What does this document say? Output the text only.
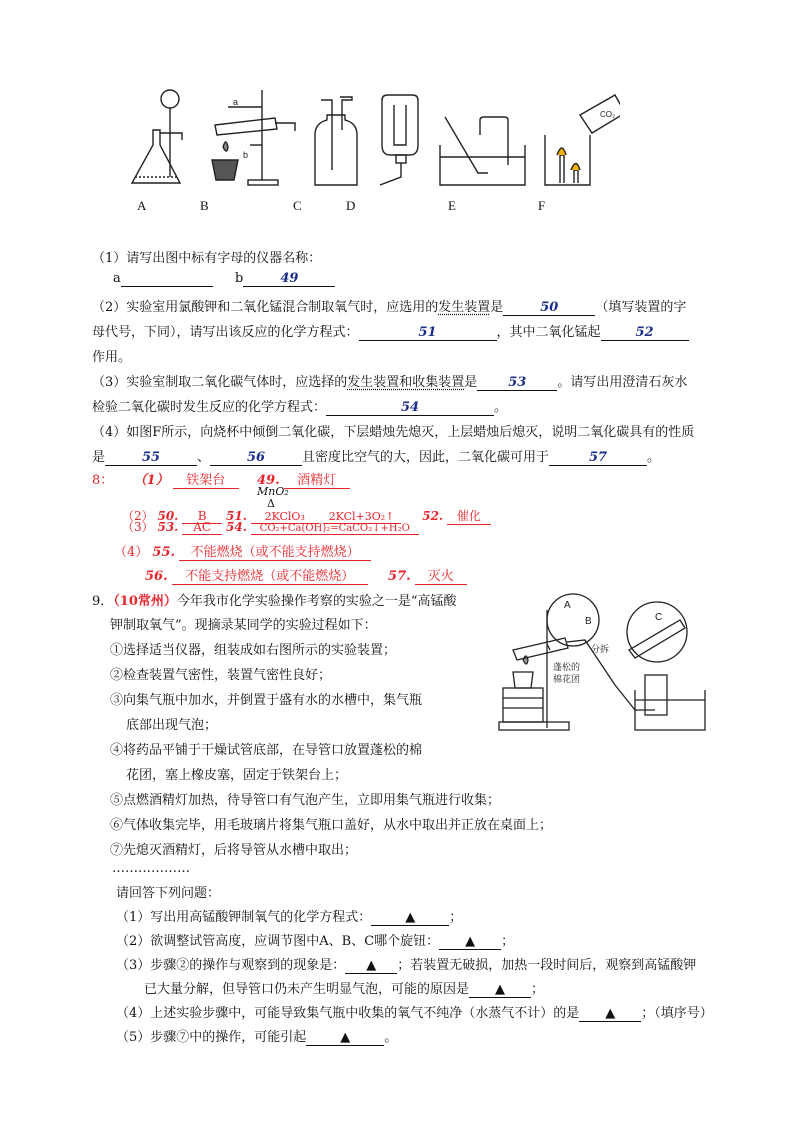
a
b
CO₂
A	B	C	D	E	F
（1）请写出图中标有字母的仪器名称：
a	b	49
（2）实验室用氯酸钾和二氧化锰混合制取氧气时，应选用的发生装置是	50	（填写装置的字
母代号，下同），请写出该反应的化学方程式：	51	，其中二氧化锰起	52
作用。
（3）实验室制取二氧化碳气体时，应选择的发生装置和收集装置是 53 。请写出用澄清石灰水
检验二氧化碳时发生反应的化学方程式：	54	。
（4）如图F所示，向烧杯中倾倒二氧化碳，下层蜡烛先熄灭，上层蜡烛后熄灭，说明二氧化碳具有的性质
是	55	、	56	且密度比空气的大，因此，二氧化碳可用于	57	。
8： （1） 铁架台 49. 酒精灯
MnO₂
Δ
（2） 50. B 51. 2KClO₃ 2KCl+3O₂↑ 52. 催化
（3） 53. AC 54. CO₂+Ca(OH)₂=CaCO₃↓+H₂O
（4） 55. 不能燃烧（或不能支持燃烧）
56. 不能支持燃烧（或不能燃烧）	57. 灭火
9．（10常州）今年我市化学实验操作考察的实验之一是“高锰酸
钾制取氧气”。现摘录某同学的实验过程如下：
①选择适当仪器，组装成如右图所示的实验装置；
②检查装置气密性，装置气密性良好；
③向集气瓶中加水，并倒置于盛有水的水槽中，集气瓶
底部出现气泡；
④将药品平铺于干燥试管底部，在导管口放置蓬松的棉
花团，塞上橡皮塞，固定于铁架台上；
⑤点燃酒精灯加热，待导管口有气泡产生，立即用集气瓶进行收集；
⑥气体收集完毕，用毛玻璃片将集气瓶口盖好，从水中取出并正放在桌面上；
⑦先熄灭酒精灯，后将导管从水槽中取出；
………………
A
B	C
分拆
蓬松的
棉花团
请回答下列问题：
（1）写出用高锰酸钾制氧气的化学方程式：	▲	；
（2）欲调整试管高度，应调节图中A、B、C哪个旋钮： ▲ ；
（3）步骤②的操作与观察到的现象是： ▲ ；若装置无破损，加热一段时间后，观察到高锰酸钾
已大量分解，但导管口仍未产生明显气泡，可能的原因是 ▲ ；
（4）上述实验步骤中，可能导致集气瓶中收集的氧气不纯净（水蒸气不计）的是 ▲ ；（填序号）
（5）步骤⑦中的操作，可能引起	▲	。
